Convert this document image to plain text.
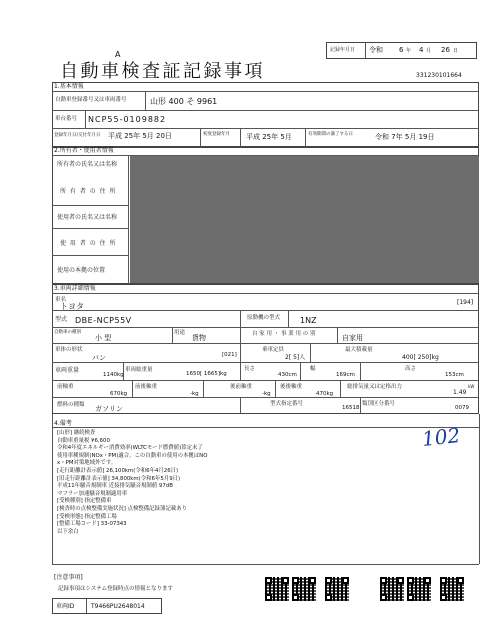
A
自動車検査証記録事項
記録年月日 令和 6 年 4 月 26 日
331230101664
1.基本情報
自動車登録番号又は車両番号	山形 400 そ 9961
車台番号 NCP55-0109882
登録年月日/交付年月日 平成 25年 5月 20日	初度登録年月 平成 25年 5月	有効期間の満了する日	令和 7年 5月 19日
2.所有者・使用者情報
所有者の氏名又は名称
所 有 者 の 住 所
使用者の氏名又は名称
使 用 者 の 住 所
使用の本拠の位置
3.車両詳細情報
車名
トヨタ	[194]
型式 DBE-NCP55V	原動機の型式 1NZ
自動車の種別
小 型
用途
貨物	自 家 用 ・ 事 業 用 の 別	自家用
車体の形状
バン	[021]
乗車定員
2[ 5]人
最大積載量
400[ 250]kg
車両重量
1140kg
車両総重量
1650[ 1665]kg
長さ
430cm
幅
169cm
高さ
153cm
前軸重
670kg
前後軸重
-kg
後前軸重
-kg
後後軸重
470kg
総排気量又は定格出力
1.49
kW
燃料の種類 ガソリン
型式指定番号
16518
類別区分番号
0079
4.備考	102
[山形] 継続検査
自動車重量税 ¥6,600
令和4年度エネルギー消費効率(WLTCモード燃費値)算定未了
使用車種規制(NOx・PM)適合。この自動車の使用の本拠はNO
x・PM対策地域外です。
[走行距離計表示値] 26,100km(令和6年4月26日)
[旧走行距離計表示値] 34,800km(令和6年5月9日)
平成11年騒音規制車 近接排気騒音規制値 97dB
マフラー加速騒音規制適用車
[受検種別] 指定整備車
[検査時の点検整備実施状況] 点検整備記録簿記載あり
[受検形態] 指定整備工場
[整備工場コード] 33-07343
以下余白
[注意事項]
記録事項はシステム登録時点の情報となります
車両ID	T9466PU2648014
